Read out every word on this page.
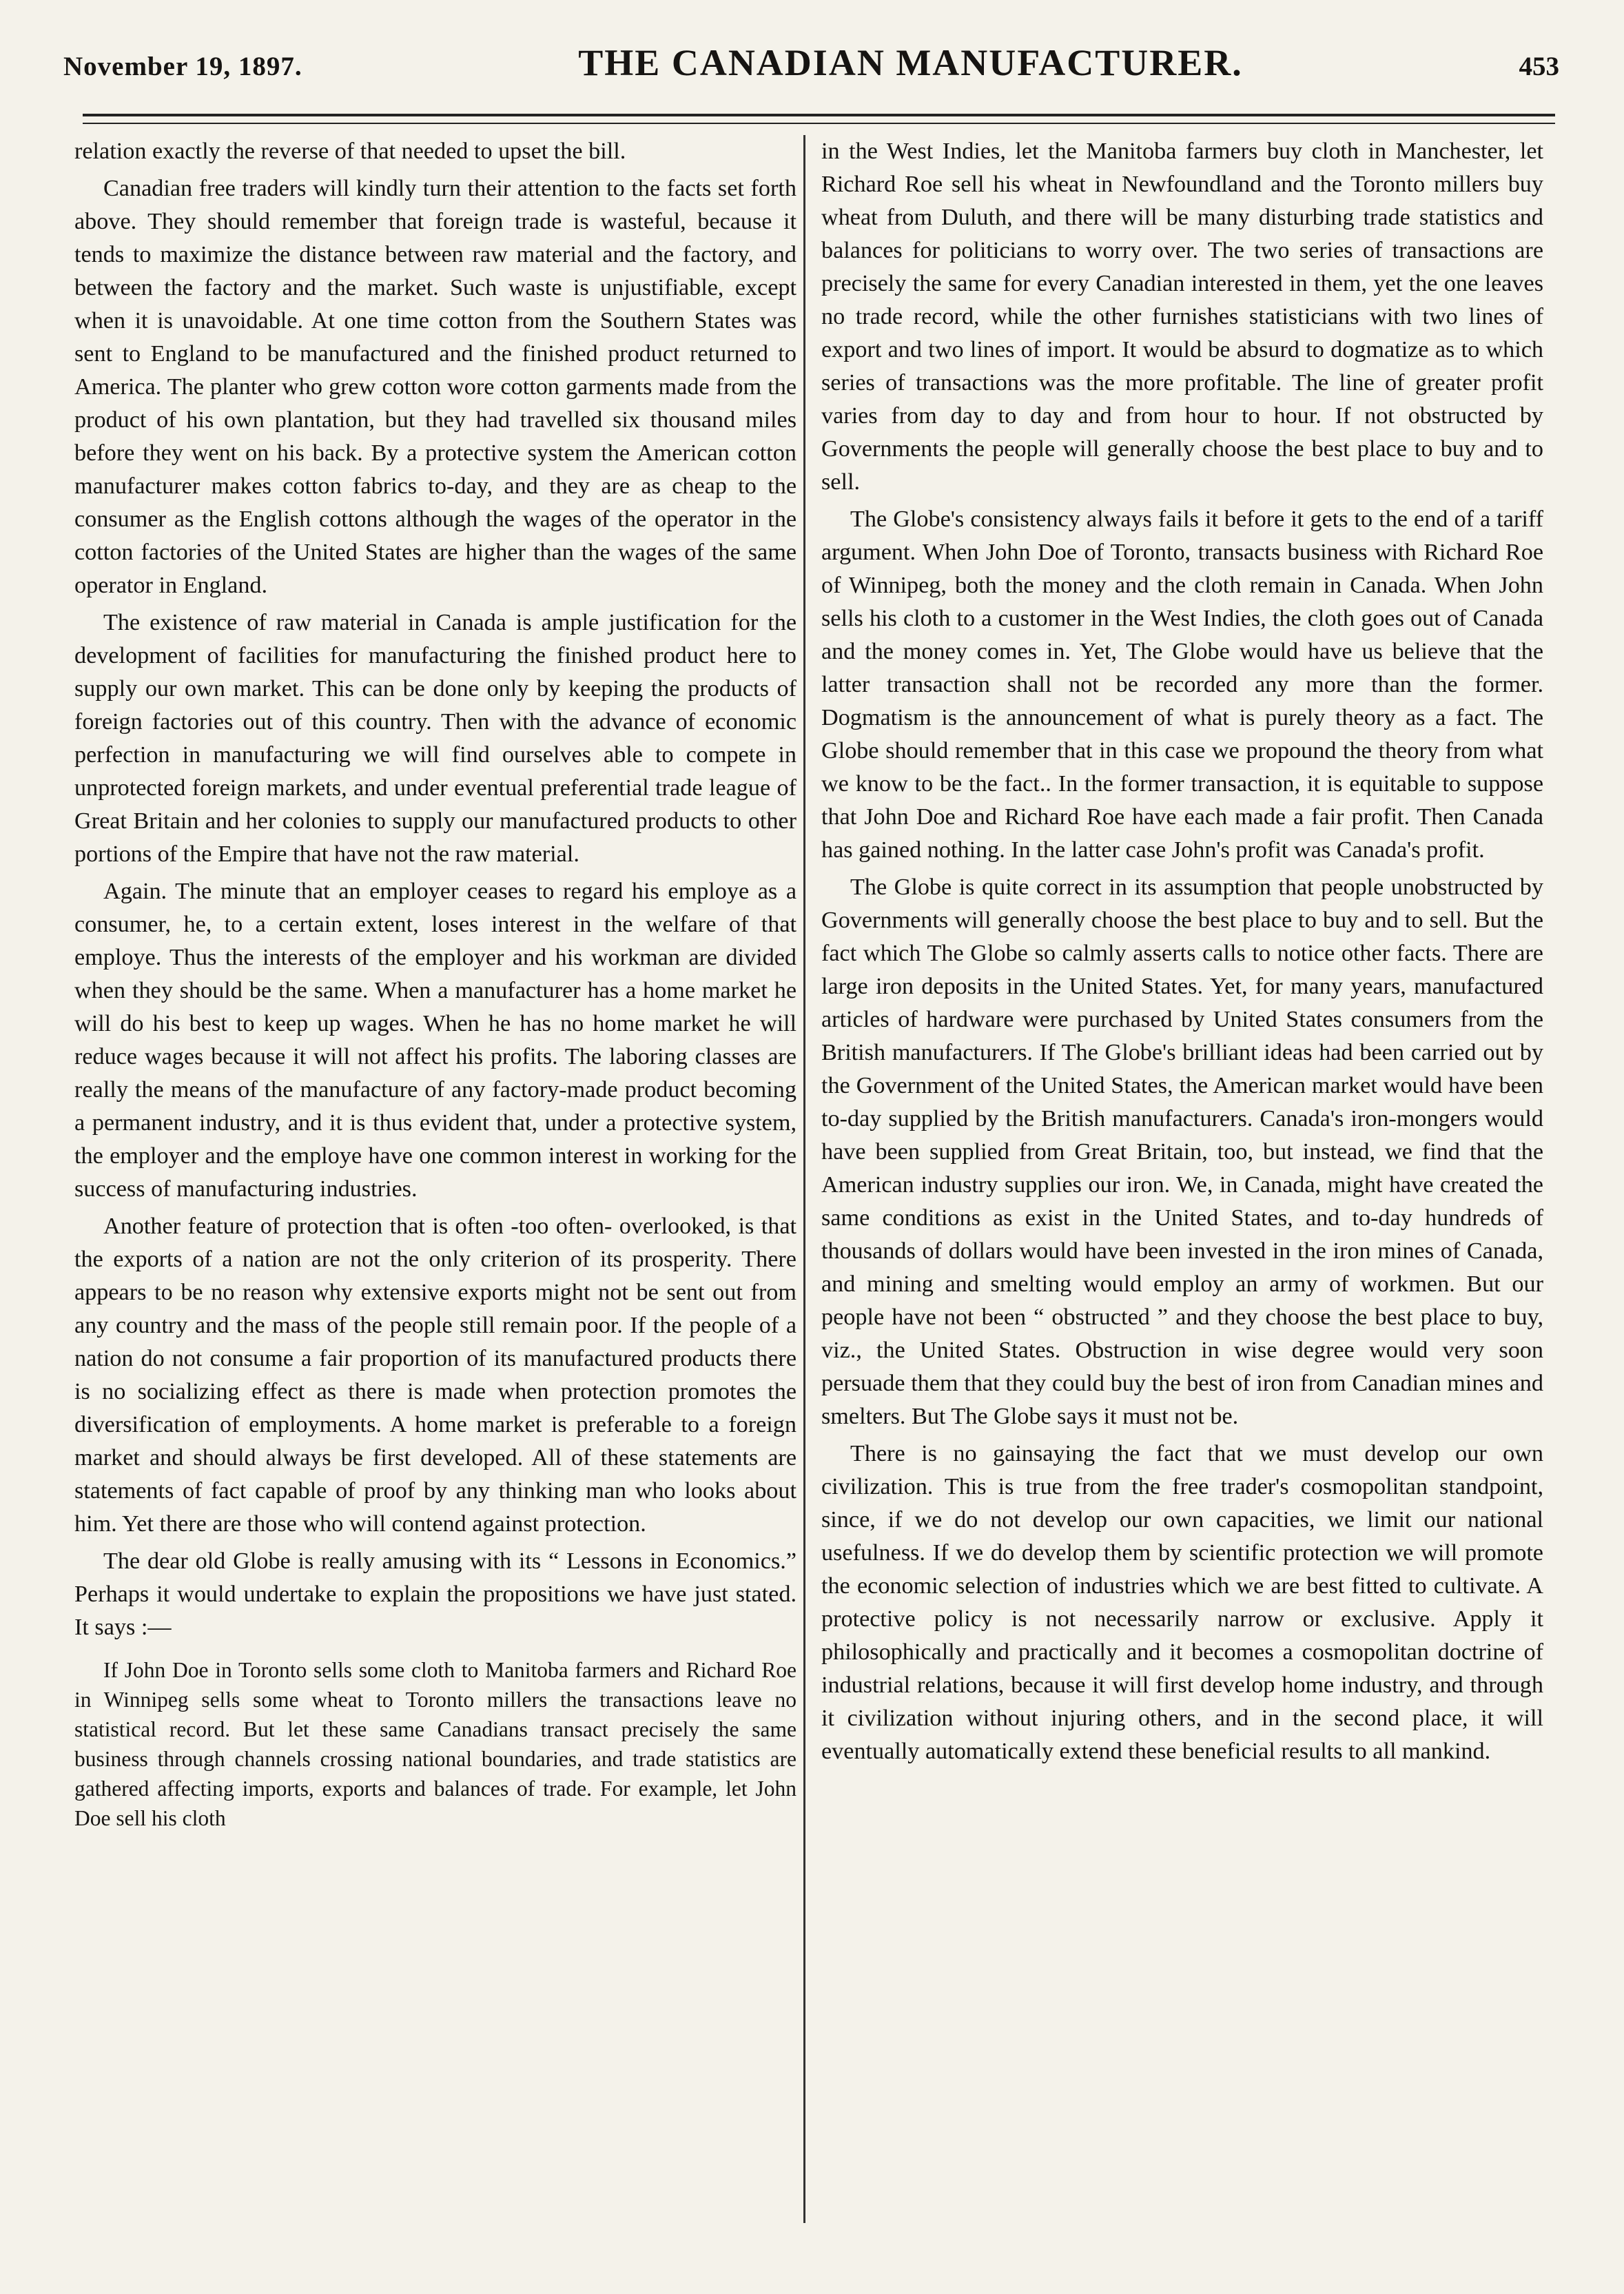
November 19, 1897.	THE CANADIAN MANUFACTURER.	453

relation exactly the reverse of that needed to upset the bill.

Canadian free traders will kindly turn their attention to the facts set forth above. They should remember that foreign trade is wasteful, because it tends to maximize the distance between raw material and the factory, and between the factory and the market. Such waste is unjustifiable, except when it is unavoidable. At one time cotton from the Southern States was sent to England to be manufactured and the finished product returned to America. The planter who grew cotton wore cotton garments made from the product of his own plantation, but they had travelled six thousand miles before they went on his back. By a protective system the American cotton manufacturer makes cotton fabrics to-day, and they are as cheap to the consumer as the English cottons although the wages of the operator in the cotton factories of the United States are higher than the wages of the same operator in England.

The existence of raw material in Canada is ample justification for the development of facilities for manufacturing the finished product here to supply our own market. This can be done only by keeping the products of foreign factories out of this country. Then with the advance of economic perfection in manufacturing we will find ourselves able to compete in unprotected foreign markets, and under eventual preferential trade league of Great Britain and her colonies to supply our manufactured products to other portions of the Empire that have not the raw material.

Again. The minute that an employer ceases to regard his employe as a consumer, he, to a certain extent, loses interest in the welfare of that employe. Thus the interests of the employer and his workman are divided when they should be the same. When a manufacturer has a home market he will do his best to keep up wages. When he has no home market he will reduce wages because it will not affect his profits. The laboring classes are really the means of the manufacture of any factory-made product becoming a permanent industry, and it is thus evident that, under a protective system, the employer and the employe have one common interest in working for the success of manufacturing industries.

Another feature of protection that is often -too often- overlooked, is that the exports of a nation are not the only criterion of its prosperity. There appears to be no reason why extensive exports might not be sent out from any country and the mass of the people still remain poor. If the people of a nation do not consume a fair proportion of its manufactured products there is no socializing effect as there is made when protection promotes the diversification of employments. A home market is preferable to a foreign market and should always be first developed. All of these statements are statements of fact capable of proof by any thinking man who looks about him. Yet there are those who will contend against protection.

The dear old Globe is really amusing with its “ Lessons in Economics.” Perhaps it would undertake to explain the propositions we have just stated. It says :—

If John Doe in Toronto sells some cloth to Manitoba farmers and Richard Roe in Winnipeg sells some wheat to Toronto millers the transactions leave no statistical record. But let these same Canadians transact precisely the same business through channels crossing national boundaries, and trade statistics are gathered affecting imports, exports and balances of trade. For example, let John Doe sell his cloth

in the West Indies, let the Manitoba farmers buy cloth in Manchester, let Richard Roe sell his wheat in Newfoundland and the Toronto millers buy wheat from Duluth, and there will be many disturbing trade statistics and balances for politicians to worry over. The two series of transactions are precisely the same for every Canadian interested in them, yet the one leaves no trade record, while the other furnishes statisticians with two lines of export and two lines of import. It would be absurd to dogmatize as to which series of transactions was the more profitable. The line of greater profit varies from day to day and from hour to hour. If not obstructed by Governments the people will generally choose the best place to buy and to sell.

The Globe's consistency always fails it before it gets to the end of a tariff argument. When John Doe of Toronto, transacts business with Richard Roe of Winnipeg, both the money and the cloth remain in Canada. When John sells his cloth to a customer in the West Indies, the cloth goes out of Canada and the money comes in. Yet, The Globe would have us believe that the latter transaction shall not be recorded any more than the former. Dogmatism is the announcement of what is purely theory as a fact. The Globe should remember that in this case we propound the theory from what we know to be the fact.. In the former transaction, it is equitable to suppose that John Doe and Richard Roe have each made a fair profit. Then Canada has gained nothing. In the latter case John's profit was Canada's profit.

The Globe is quite correct in its assumption that people unobstructed by Governments will generally choose the best place to buy and to sell. But the fact which The Globe so calmly asserts calls to notice other facts. There are large iron deposits in the United States. Yet, for many years, manufactured articles of hardware were purchased by United States consumers from the British manufacturers. If The Globe's brilliant ideas had been carried out by the Government of the United States, the American market would have been to-day supplied by the British manufacturers. Canada's iron-mongers would have been supplied from Great Britain, too, but instead, we find that the American industry supplies our iron. We, in Canada, might have created the same conditions as exist in the United States, and to-day hundreds of thousands of dollars would have been invested in the iron mines of Canada, and mining and smelting would employ an army of workmen. But our people have not been “ obstructed ” and they choose the best place to buy, viz., the United States. Obstruction in wise degree would very soon persuade them that they could buy the best of iron from Canadian mines and smelters. But The Globe says it must not be.

There is no gainsaying the fact that we must develop our own civilization. This is true from the free trader's cosmopolitan standpoint, since, if we do not develop our own capacities, we limit our national usefulness. If we do develop them by scientific protection we will promote the economic selection of industries which we are best fitted to cultivate. A protective policy is not necessarily narrow or exclusive. Apply it philosophically and practically and it becomes a cosmopolitan doctrine of industrial relations, because it will first develop home industry, and through it civilization without injuring others, and in the second place, it will eventually automatically extend these beneficial results to all mankind.
